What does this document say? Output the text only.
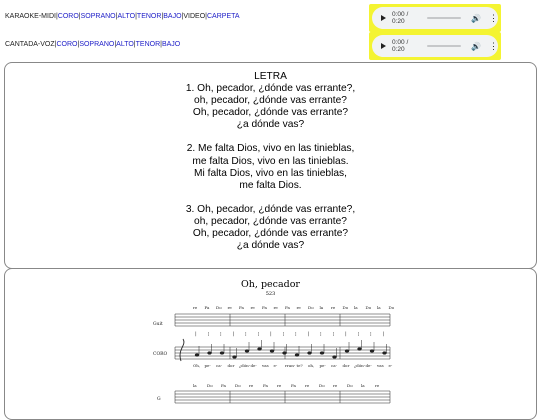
KARAOKE-MIDI|CORO|SOPRANO|ALTO|TENOR|BAJO|VIDEO|CARPETA
CANTADA-VOZ|CORO|SOPRANO|ALTO|TENOR|BAJO
0:00 / 0:20	🔊 ⋮
0:00 / 0:20	🔊 ⋮
LETRA
1. Oh, pecador, ¿dónde vas errante?,
oh, pecador, ¿dónde vas errante?
Oh, pecador, ¿dónde vas errante?
¿a dónde vas?
2. Me falta Dios, vivo en las tinieblas,
me falta Dios, vivo en las tinieblas.
Mi falta Dios, vivo en las tinieblas,
me falta Dios.
3. Oh, pecador, ¿dónde vas errante?,
oh, pecador, ¿dónde vas errante?
Oh, pecador, ¿dónde vas errante?
¿a dónde vas?
Oh, pecador
523
re Fa Do re Fa re Fa re Fa re Do la re Do la Do la Do
Guit
| ¦ ¦ | ¦ ¦ | ¦ ¦ | ¦ ¦ | ¦ ¦ |
CORO
Oh, pe- ca- dor ¿dón- de- vas e- rran- te? oh, pe- ca- dor ¿dón- de- vas e-
la	Do Fa Do re Fa re Fa re Do re Do la	re
G
